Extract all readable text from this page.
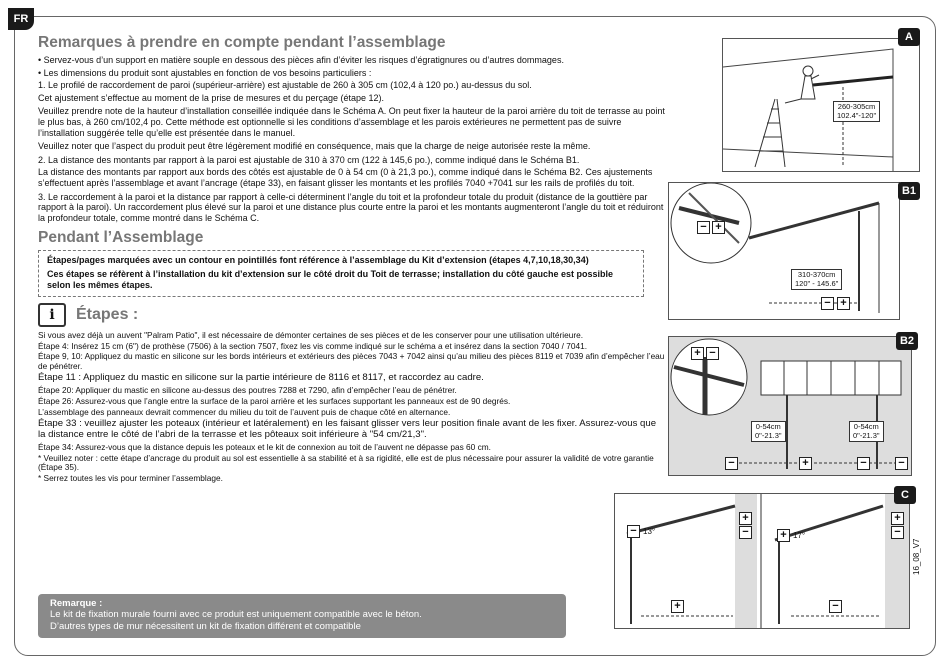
FR
Remarques à prendre en compte pendant l’assemblage
• Servez-vous d’un support en matière souple en dessous des pièces afin d’éviter les risques d’égratignures ou d’autres dommages.
• Les dimensions du produit sont ajustables en fonction de vos besoins particuliers :
1. Le profilé de raccordement de paroi (supérieur-arrière) est ajustable de 260 à 305 cm (102,4 à 120 po.) au-dessus du sol.
Cet ajustement s’effectue au moment de la prise de mesures et du perçage (étape 12).
Veuillez prendre note de la hauteur d’installation conseillée indiquée dans le Schéma A. On peut fixer la hauteur de la paroi arrière du toit de terrasse au point le plus bas, à 260 cm/102,4 po. Cette méthode est optionnelle si les conditions d’assemblage et les parois extérieures ne permettent pas de suivre l’installation suggérée telle qu’elle est présentée dans le manuel.
Veuillez noter que l’aspect du produit peut être légèrement modifié en conséquence, mais que la charge de neige autorisée reste la même.
2. La distance des montants par rapport à la paroi est ajustable de 310 à 370 cm (122 à 145,6 po.), comme indiqué dans le Schéma B1.
La distance des montants par rapport aux bords des côtés est ajustable de 0 à 54 cm (0 à 21,3 po.), comme indiqué dans le Schéma B2. Ces ajustements s’effectuent après l’assemblage et avant l’ancrage (étape 33), en faisant glisser les montants et les profilés 7040 +7041 sur les rails de profilés du toit.
3. Le raccordement à la paroi et la distance par rapport à celle-ci déterminent l’angle du toit et la profondeur totale du produit (distance de la gouttière par rapport à la paroi). Un raccordement plus élevé sur la paroi et une distance plus courte entre la paroi et les montants augmenteront l’angle du toit et réduiront la profondeur totale, comme montré dans le Schéma C.
Pendant l’Assemblage
Étapes/pages marquées avec un contour en pointillés font référence à l’assemblage du Kit d’extension (étapes 4,7,10,18,30,34)
Ces étapes se réfèrent à l’installation du kit d’extension sur le côté droit du Toit de terrasse; installation du côté gauche est possible selon les mêmes étapes.
i	Étapes :
Si vous avez déjà un auvent "Palram Patio", il est nécessaire de démonter certaines de ses pièces et de les conserver pour une utilisation ultérieure.
Étape 4: Insérez 15 cm (6") de prothèse (7506) à la section 7507, fixez les vis comme indiqué sur le schéma a et insérez dans la section 7040 / 7041.
Étape 9, 10: Appliquez du mastic en silicone sur les bords intérieurs et extérieurs des pièces 7043 + 7042 ainsi qu’au milieu des pièces 8119 et 7039 afin d’empêcher l’eau de pénétrer.
Étape 11 : Appliquez du mastic en silicone sur la partie intérieure de 8116 et 8117, et raccordez au cadre.
Étape 20: Appliquer du mastic en silicone au-dessus des poutres 7288 et 7290, afin d’empêcher l’eau de pénétrer.
Étape 26: Assurez-vous que l’angle entre la surface de la paroi arrière et les surfaces supportant les panneaux est de 90 degrés.
L’assemblage des panneaux devrait commencer du milieu du toit de l’auvent puis de chaque côté en alternance.
Étape 33 : veuillez ajuster les poteaux (intérieur et latéralement) en les faisant glisser vers leur position finale avant de les fixer. Assurez-vous que la distance entre le côté de l’abri de la terrasse et les pôteaux soit inférieure à "54 cm/21,3".
Étape 34: Assurez-vous que la distance depuis les poteaux et le kit de connexion au toit de l’auvent ne dépasse pas 60 cm.
* Veuillez noter : cette étape d’ancrage du produit au sol est essentielle à sa stabilité et à sa rigidité, elle est de plus nécessaire pour assurer la validité de votre garantie (Étape 35).
* Serrez toutes les vis pour terminer l’assemblage.
Remarque :
Le kit de fixation murale fourni avec ce produit est uniquement compatible avec le béton.
D’autres types de mur nécessitent un kit de fixation différent et compatible
260-305cm
102.4"-120"
A
− +
310-370cm
120" - 145.6"
− +
B1
+ −
0-54cm
0"-21.3"
0-54cm
0"-21.3"
−	+	−	−
B2
− 13°
+
−
+
+ 17°
+
−
−
C
16_08_V7
